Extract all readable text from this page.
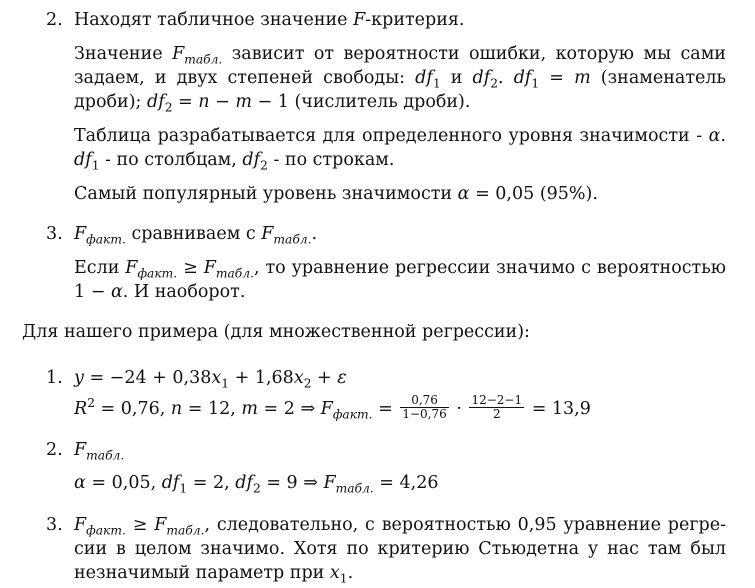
2. Находят табличное значение F-критерия.
Значение $F_{табл.}$ зависит от вероятности ошибки, которую мы сами
задаем, и двух степеней свободы: $df_1$ и $df_2$. $df_1 = m$ (знаменатель
дроби); $df_2 = n - m - 1$ (числитель дроби).
Таблица разрабатывается для определенного уровня значимости - α.
$df_1$ - по столбцам, $df_2$ - по строкам.
Самый популярный уровень значимости α = 0,05 (95%).
3. $F_{факт.}$ сравниваем с $F_{табл.}$.
Если $F_{факт.} \ge F_{табл.}$, то уравнение регрессии значимо с вероятностью
1 − α. И наоборот.
Для нашего примера (для множественной регрессии):
1. $y = -24 + 0,38x_1 + 1,68x_2 + \varepsilon$
$R^2 = 0,76$, n = 12, m = 2 ⇒ $F_{факт.} = \frac{0,76}{1-0,76} \cdot \frac{12-2-1}{2} = 13,9$
2. $F_{табл.}$
α = 0,05, $df_1 = 2$, $df_2 = 9$ ⇒ $F_{табл.} = 4,26$
3. $F_{факт.} \ge F_{табл.}$, следовательно, с вероятностью 0,95 уравнение регре-
сии в целом значимо. Хотя по критерию Стьюдетна у нас там был
незначимый параметр при $x_1$.
